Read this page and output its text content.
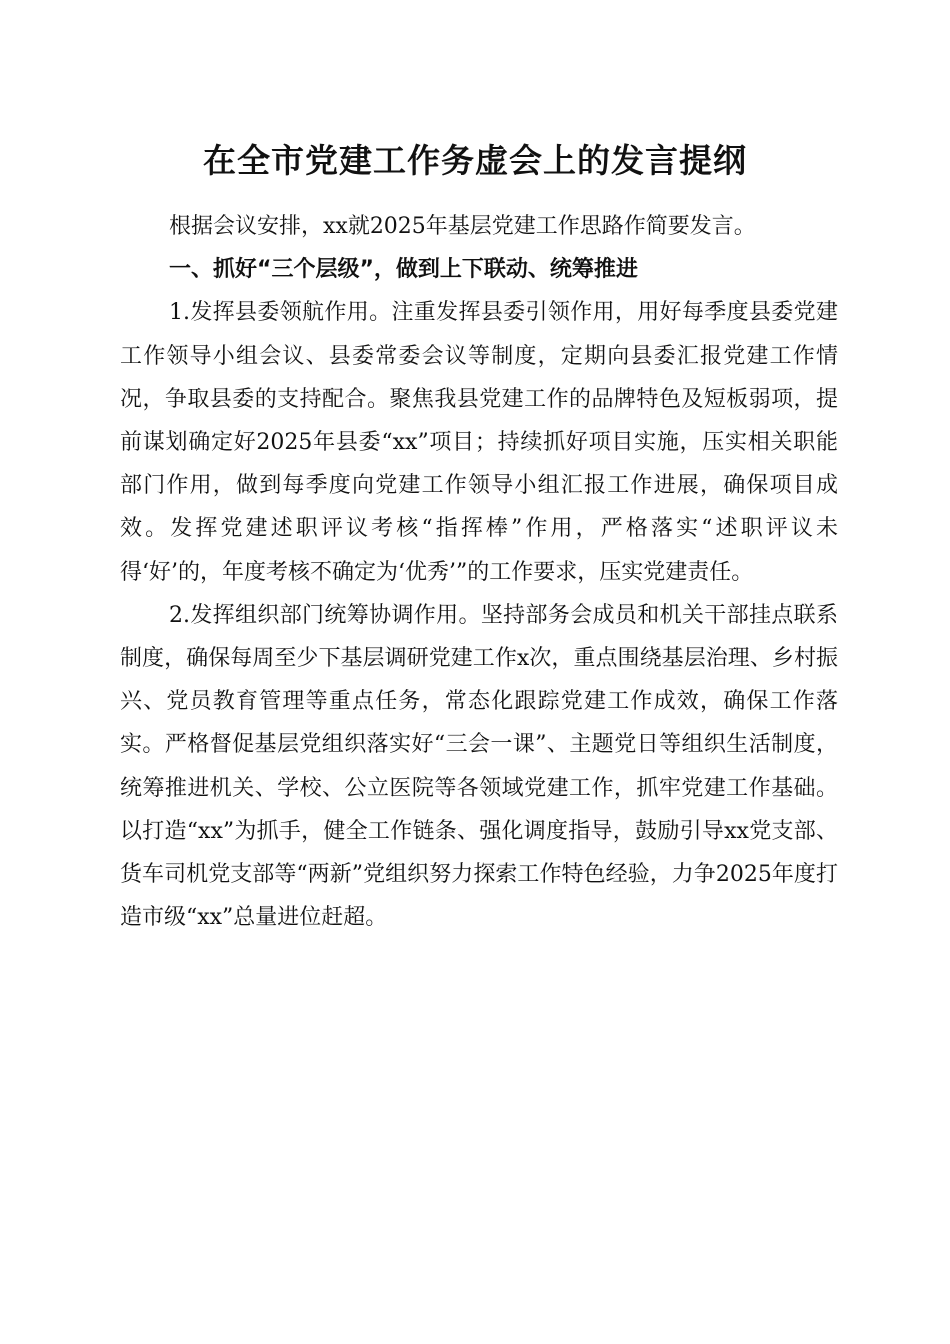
在全市党建工作务虚会上的发言提纲

根据会议安排，xx就2025年基层党建工作思路作简要发言。

一、抓好“三个层级”，做到上下联动、统筹推进

1.发挥县委领航作用。注重发挥县委引领作用，用好每季度县委党建工作领导小组会议、县委常委会议等制度，定期向县委汇报党建工作情况，争取县委的支持配合。聚焦我县党建工作的品牌特色及短板弱项，提前谋划确定好2025年县委“xx”项目；持续抓好项目实施，压实相关职能部门作用，做到每季度向党建工作领导小组汇报工作进展，确保项目成效。发挥党建述职评议考核“指挥棒”作用，严格落实“述职评议未得‘好’的，年度考核不确定为‘优秀’”的工作要求，压实党建责任。

2.发挥组织部门统筹协调作用。坚持部务会成员和机关干部挂点联系制度，确保每周至少下基层调研党建工作x次，重点围绕基层治理、乡村振兴、党员教育管理等重点任务，常态化跟踪党建工作成效，确保工作落实。严格督促基层党组织落实好“三会一课”、主题党日等组织生活制度，统筹推进机关、学校、公立医院等各领域党建工作，抓牢党建工作基础。以打造“xx”为抓手，健全工作链条、强化调度指导，鼓励引导xx党支部、货车司机党支部等“两新”党组织努力探索工作特色经验，力争2025年度打造市级“xx”总量进位赶超。
